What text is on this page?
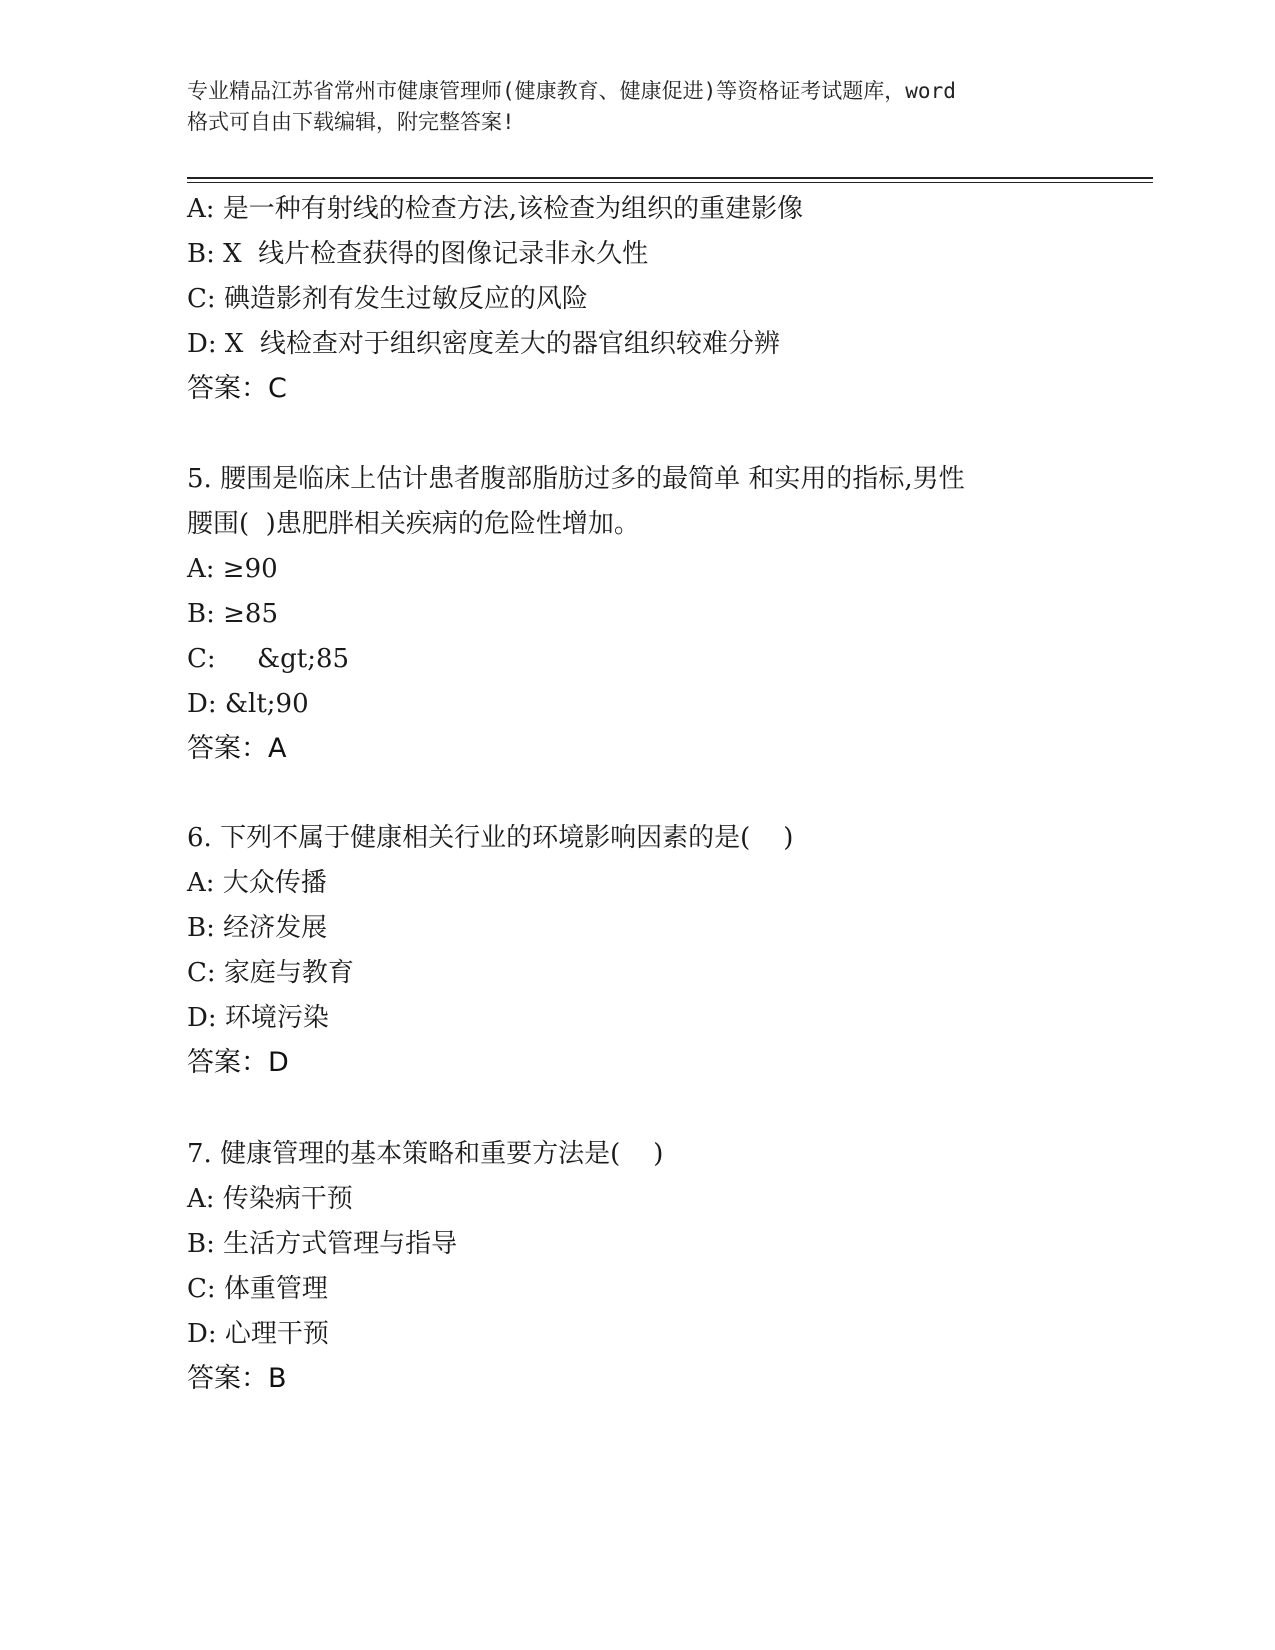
专业精品江苏省常州市健康管理师(健康教育、健康促进)等资格证考试题库，word
格式可自由下载编辑，附完整答案!
A: 是一种有射线的检查方法,该检查为组织的重建影像
B: X  线片检查获得的图像记录非永久性
C: 碘造影剂有发生过敏反应的风险
D: X  线检查对于组织密度差大的器官组织较难分辨
答案：C
5. 腰围是临床上估计患者腹部脂肪过多的最简单 和实用的指标,男性
腰围(  )患肥胖相关疾病的危险性增加。
A: ≥90
B: ≥85
C:     &gt;85
D: &lt;90
答案：A
6. 下列不属于健康相关行业的环境影响因素的是(    )
A: 大众传播
B: 经济发展
C: 家庭与教育
D: 环境污染
答案：D
7. 健康管理的基本策略和重要方法是(    )
A: 传染病干预
B: 生活方式管理与指导
C: 体重管理
D: 心理干预
答案：B
